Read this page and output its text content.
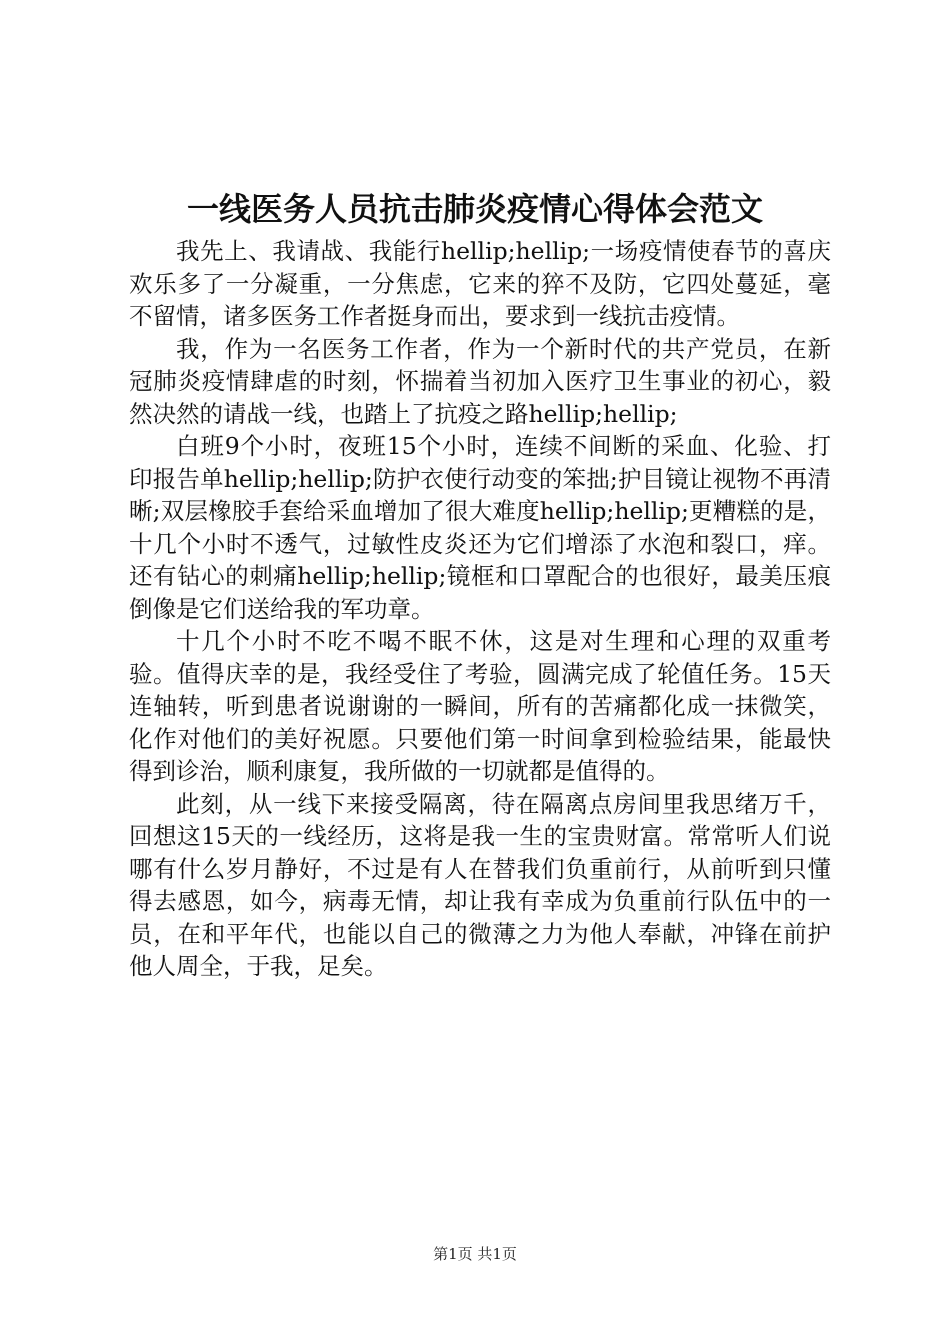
一线医务人员抗击肺炎疫情心得体会范文

我先上、我请战、我能行hellip;hellip;一场疫情使春节的喜庆欢乐多了一分凝重，一分焦虑，它来的猝不及防，它四处蔓延，毫不留情，诸多医务工作者挺身而出，要求到一线抗击疫情。

我，作为一名医务工作者，作为一个新时代的共产党员，在新冠肺炎疫情肆虐的时刻，怀揣着当初加入医疗卫生事业的初心，毅然决然的请战一线，也踏上了抗疫之路hellip;hellip;

白班9个小时，夜班15个小时，连续不间断的采血、化验、打印报告单hellip;hellip;防护衣使行动变的笨拙;护目镜让视物不再清晰;双层橡胶手套给采血增加了很大难度hellip;hellip;更糟糕的是，十几个小时不透气，过敏性皮炎还为它们增添了水泡和裂口，痒。还有钻心的刺痛hellip;hellip;镜框和口罩配合的也很好，最美压痕倒像是它们送给我的军功章。

十几个小时不吃不喝不眠不休，这是对生理和心理的双重考验。值得庆幸的是，我经受住了考验，圆满完成了轮值任务。15天连轴转，听到患者说谢谢的一瞬间，所有的苦痛都化成一抹微笑，化作对他们的美好祝愿。只要他们第一时间拿到检验结果，能最快得到诊治，顺利康复，我所做的一切就都是值得的。

此刻，从一线下来接受隔离，待在隔离点房间里我思绪万千，回想这15天的一线经历，这将是我一生的宝贵财富。常常听人们说哪有什么岁月静好，不过是有人在替我们负重前行，从前听到只懂得去感恩，如今，病毒无情，却让我有幸成为负重前行队伍中的一员，在和平年代，也能以自己的微薄之力为他人奉献，冲锋在前护他人周全，于我，足矣。

第1页 共1页
